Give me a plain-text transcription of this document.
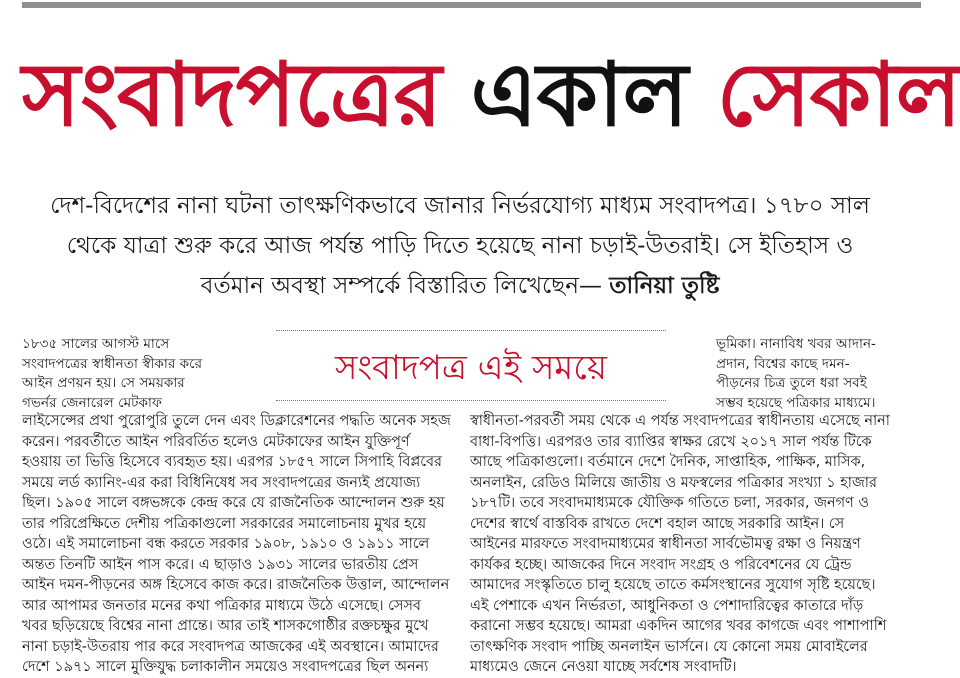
সংবাদপত্রের একাল সেকাল
দেশ-বিদেশের নানা ঘটনা তাৎক্ষণিকভাবে জানার নির্ভরযোগ্য মাধ্যম সংবাদপত্র। ১৭৮০ সাল
থেকে যাত্রা শুরু করে আজ পর্যন্ত পাড়ি দিতে হয়েছে নানা চড়াই-উতরাই। সে ইতিহাস ও
বর্তমান অবস্থা সম্পর্কে বিস্তারিত লিখেছেন— তানিয়া তুষ্টি
সংবাদপত্র এই সময়ে

১৮৩৫ সালের আগস্ট মাসে

সংবাদপত্রের স্বাধীনতা স্বীকার করে

আইন প্রণয়ন হয়। সে সময়কার

গভর্নর জেনারেল মেটকাফ

লাইসেন্সের প্রথা পুরোপুরি তুলে দেন এবং ডিক্লারেশনের পদ্ধতি অনেক সহজ

করেন। পরবর্তীতে আইন পরিবর্তিত হলেও মেটকাফের আইন যুক্তিপূর্ণ

হওয়ায় তা ভিত্তি হিসেবে ব্যবহৃত হয়। এরপর ১৮৫৭ সালে সিপাহি বিপ্লবের

সময়ে লর্ড ক্যানিং-এর করা বিধিনিষেধ সব সংবাদপত্রের জন্যই প্রযোজ্য

ছিল। ১৯০৫ সালে বঙ্গভঙ্গকে কেন্দ্র করে যে রাজনৈতিক আন্দোলন শুরু হয়

তার পরিপ্রেক্ষিতে দেশীয় পত্রিকাগুলো সরকারের সমালোচনায় মুখর হয়ে

ওঠে। এই সমালোচনা বন্ধ করতে সরকার ১৯০৮, ১৯১০ ও ১৯১১ সালে

অন্তত তিনটি আইন পাস করে। এ ছাড়াও ১৯৩১ সালের ভারতীয় প্রেস

আইন দমন-পীড়নের অঙ্গ হিসেবে কাজ করে। রাজনৈতিক উত্তাল, আন্দোলন

আর আপামর জনতার মনের কথা পত্রিকার মাধ্যমে উঠে এসেছে। সেসব

খবর ছড়িয়েছে বিশ্বের নানা প্রান্তে। আর তাই শাসকগোষ্ঠীর রক্তচক্ষুর মুখে

নানা চড়াই-উতরায় পার করে সংবাদপত্র আজকের এই অবস্থানে। আমাদের

দেশে ১৯৭১ সালে মুক্তিযুদ্ধ চলাকালীন সময়েও সংবাদপত্রের ছিল অনন্য

ভূমিকা। নানাবিধ খবর আদান-

প্রদান, বিশ্বের কাছে দমন-

পীড়নের চিত্র তুলে ধরা সবই

সম্ভব হয়েছে পত্রিকার মাধ্যমে।

স্বাধীনতা-পরবর্তী সময় থেকে এ পর্যন্ত সংবাদপত্রের স্বাধীনতায় এসেছে নানা

বাধা-বিপত্তি। এরপরও তার ব্যাপ্তির স্বাক্ষর রেখে ২০১৭ সাল পর্যন্ত টিকে

আছে পত্রিকাগুলো। বর্তমানে দেশে দৈনিক, সাপ্তাহিক, পাক্ষিক, মাসিক,

অনলাইন, রেডিও মিলিয়ে জাতীয় ও মফস্বলের পত্রিকার সংখ্যা ১ হাজার

১৮৭টি। তবে সংবাদমাধ্যমকে যৌক্তিক গতিতে চলা, সরকার, জনগণ ও

দেশের স্বার্থে বাস্তবিক রাখতে দেশে বহাল আছে সরকারি আইন। সে

আইনের মারফতে সংবাদমাধ্যমের স্বাধীনতা সার্বভৌমত্ব রক্ষা ও নিয়ন্ত্রণ

কার্যকর হচ্ছে। আজকের দিনে সংবাদ সংগ্রহ ও পরিবেশনের যে ট্রেন্ড

আমাদের সংস্কৃতিতে চালু হয়েছে তাতে কর্মসংস্থানের সুযোগ সৃষ্টি হয়েছে।

এই পেশাকে এখন নির্ভরতা, আধুনিকতা ও পেশাদারিত্বের কাতারে দাঁড়

করানো সম্ভব হয়েছে। আমরা একদিন আগের খবর কাগজে এবং পাশাপাশি

তাৎক্ষণিক সংবাদ পাচ্ছি অনলাইন ভার্সনে। যে কোনো সময় মোবাইলের

মাধ্যমেও জেনে নেওয়া যাচ্ছে সর্বশেষ সংবাদটি।
